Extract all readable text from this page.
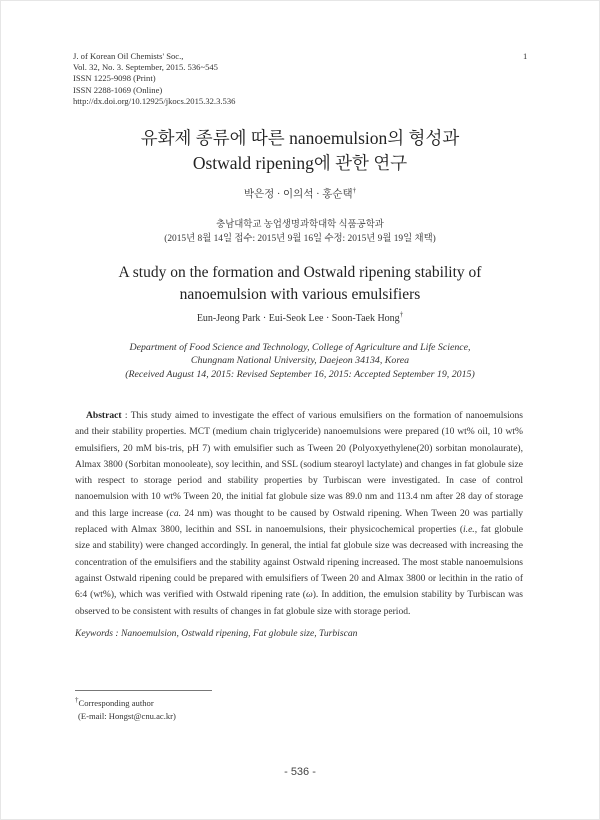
J. of Korean Oil Chemists' Soc.,
Vol. 32, No. 3. September, 2015. 536~545
ISSN 1225-9098 (Print)
ISSN 2288-1069 (Online)
http://dx.doi.org/10.12925/jkocs.2015.32.3.536
1
유화제 종류에 따른 nanoemulsion의 형성과
Ostwald ripening에 관한 연구
박은정 · 이의석 · 홍순택†
충남대학교 농업생명과학대학 식품공학과
(2015년 8월 14일 접수: 2015년 9월 16일 수정: 2015년 9월 19일 채택)
A study on the formation and Ostwald ripening stability of
nanoemulsion with various emulsifiers
Eun-Jeong Park · Eui-Seok Lee · Soon-Taek Hong†
Department of Food Science and Technology, College of Agriculture and Life Science,
Chungnam National University, Daejeon 34134, Korea
(Received August 14, 2015: Revised September 16, 2015: Accepted September 19, 2015)
Abstract : This study aimed to investigate the effect of various emulsifiers on the formation of nanoemulsions and their stability properties. MCT (medium chain triglyceride) nanoemulsions were prepared (10 wt% oil, 10 wt% emulsifiers, 20 mM bis-tris, pH 7) with emulsifier such as Tween 20 (Polyoxyethylene(20) sorbitan monolaurate), Almax 3800 (Sorbitan monooleate), soy lecithin, and SSL (sodium stearoyl lactylate) and changes in fat globule size with respect to storage period and stability properties by Turbiscan were investigated. In case of control nanoemulsion with 10 wt% Tween 20, the initial fat globule size was 89.0 nm and 113.4 nm after 28 day of storage and this large increase (ca. 24 nm) was thought to be caused by Ostwald ripening. When Tween 20 was partially replaced with Almax 3800, lecithin and SSL in nanoemulsions, their physicochemical properties (i.e., fat globule size and stability) were changed accordingly. In general, the intial fat globule size was decreased with increasing the concentration of the emulsifiers and the stability against Ostwald ripening increased. The most stable nanoemulsions against Ostwald ripening could be prepared with emulsifiers of Tween 20 and Almax 3800 or lecithin in the ratio of 6:4 (wt%), which was verified with Ostwald ripening rate (ω). In addition, the emulsion stability by Turbiscan was observed to be consistent with results of changes in fat globule size with storage period.
Keywords : Nanoemulsion, Ostwald ripening, Fat globule size, Turbiscan
†Corresponding author
(E-mail: Hongst@cnu.ac.kr)
- 536 -
